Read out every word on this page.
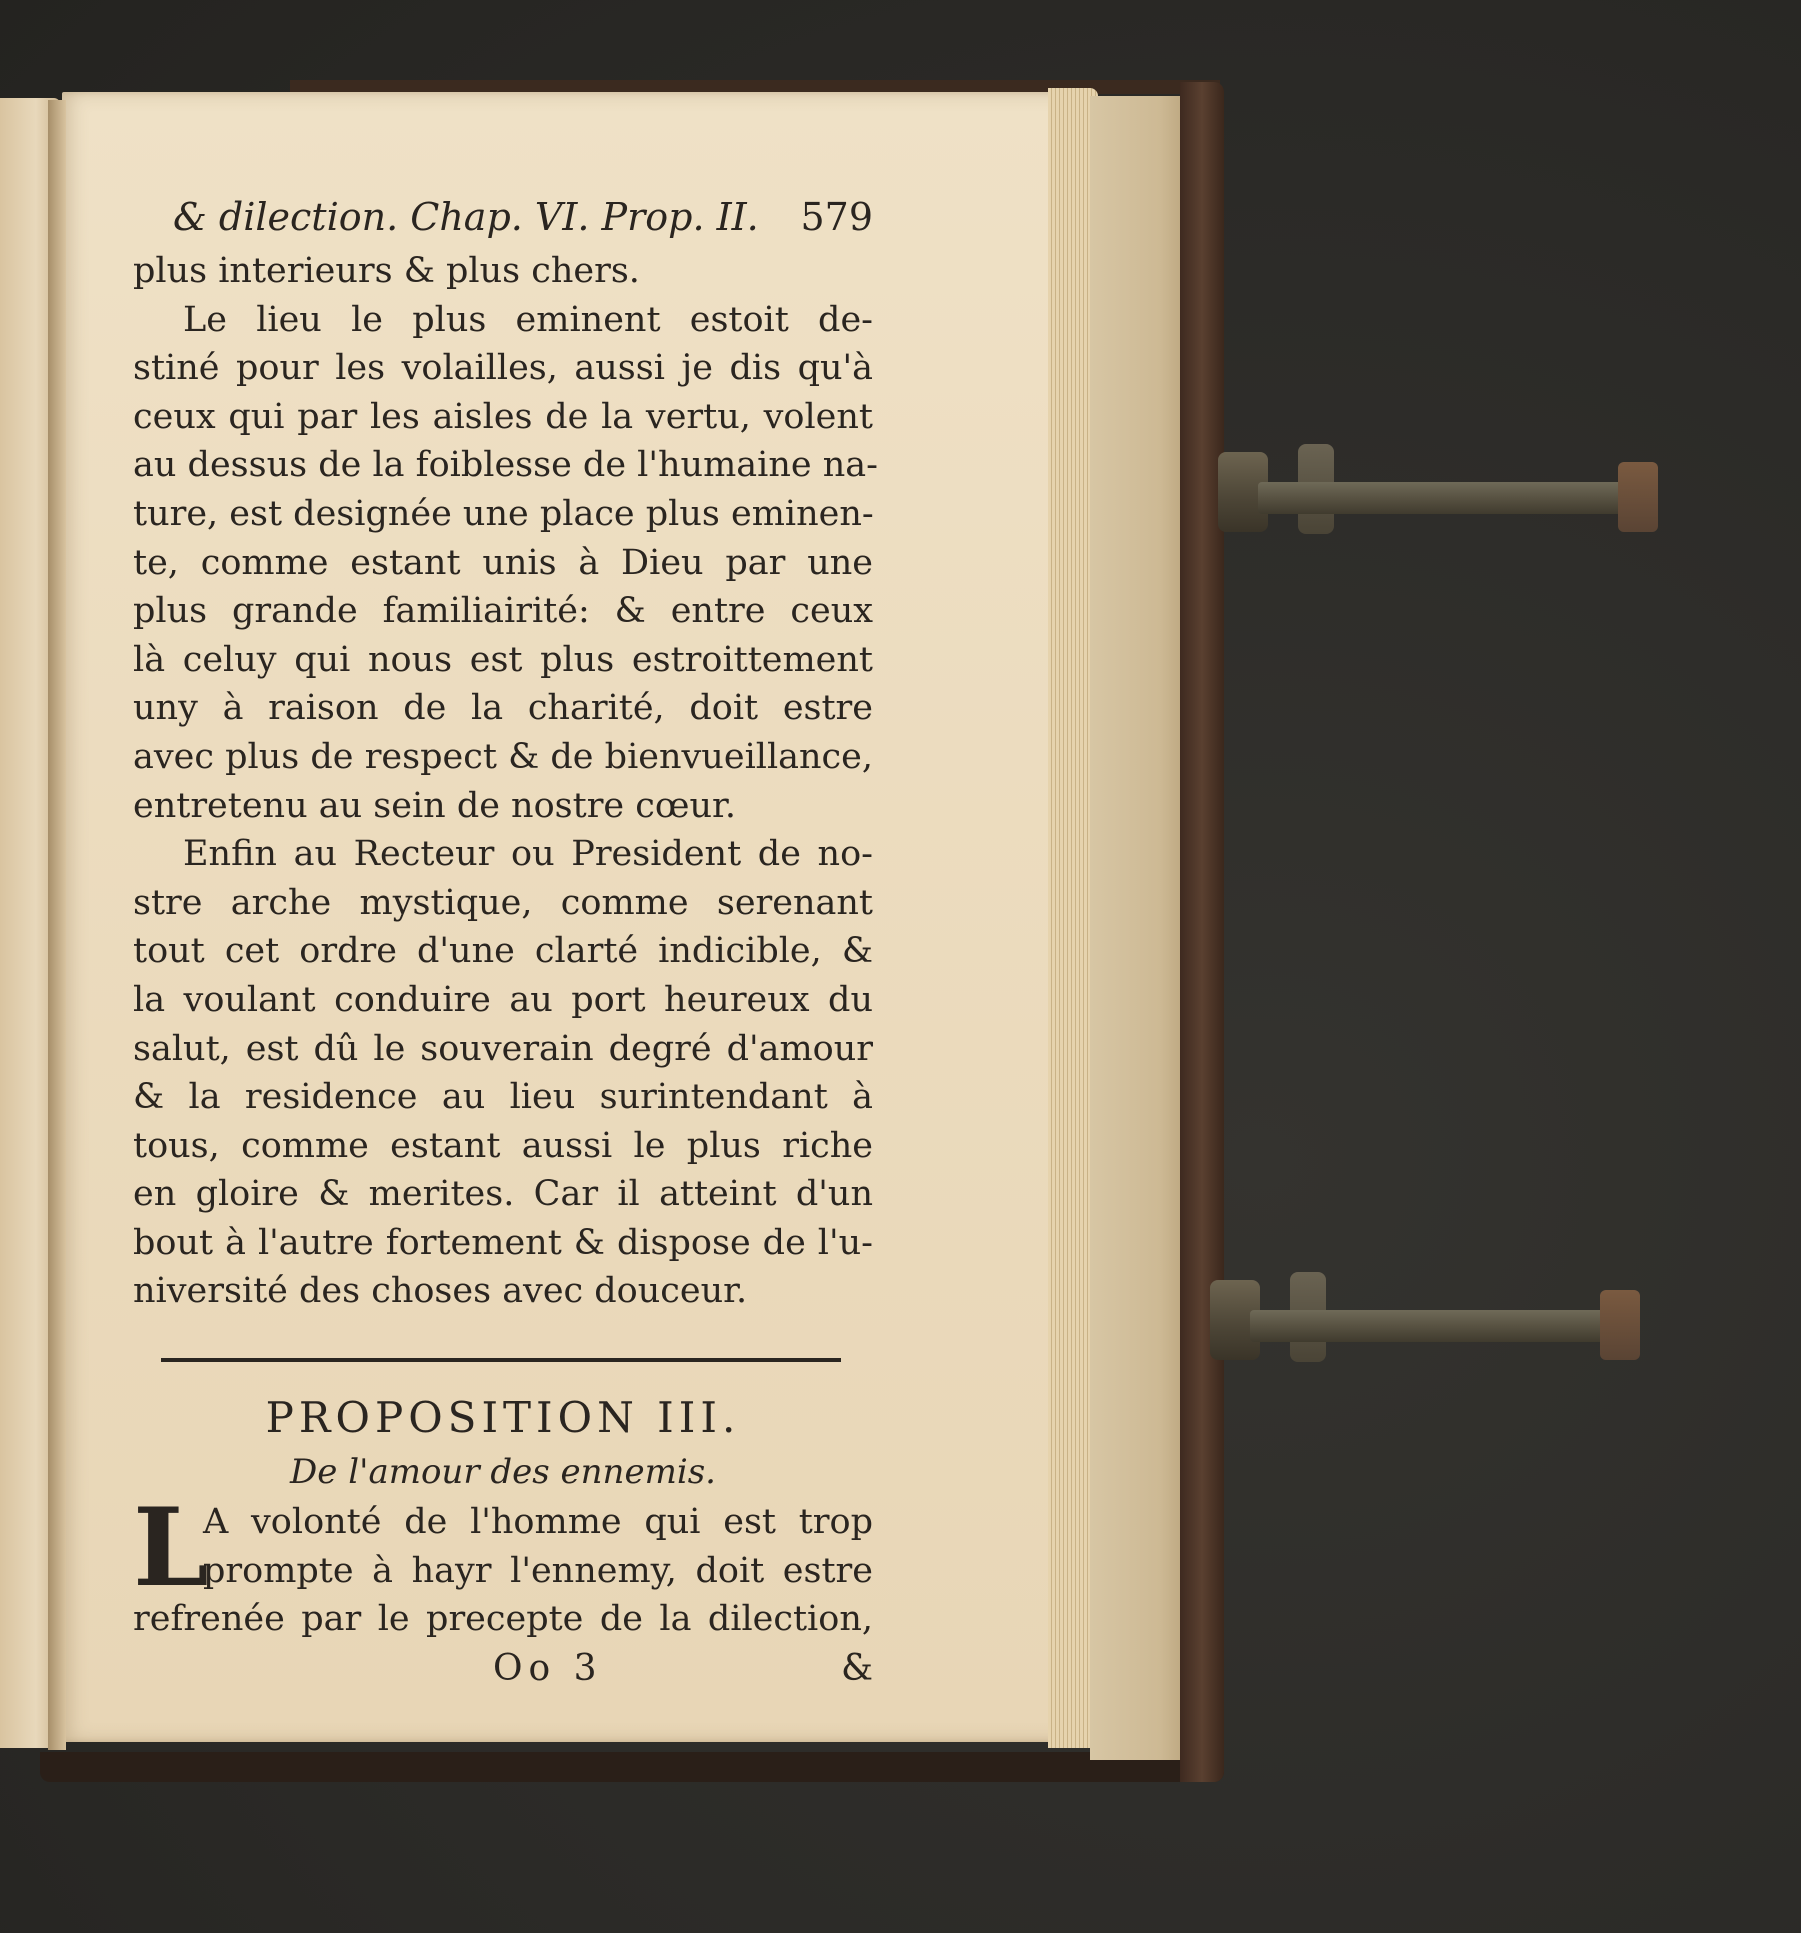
& dilection. Chap. VI. Prop. II. 579
plus interieurs & plus chers.
Le lieu le plus eminent estoit de-
stiné pour les volailles, aussi je dis qu'à
ceux qui par les aisles de la vertu, volent
au dessus de la foiblesse de l'humaine na-
ture, est designée une place plus eminen-
te, comme estant unis à Dieu par une
plus grande familiairité: & entre ceux
là celuy qui nous est plus estroittement
uny à raison de la charité, doit estre
avec plus de respect & de bienvueillance,
entretenu au sein de nostre cœur.
Enfin au Recteur ou President de no-
stre arche mystique, comme serenant
tout cet ordre d'une clarté indicible, &
la voulant conduire au port heureux du
salut, est dû le souverain degré d'amour
& la residence au lieu surintendant à
tous, comme estant aussi le plus riche
en gloire & merites. Car il atteint d'un
bout à l'autre fortement & dispose de l'u-
niversité des choses avec douceur.
PROPOSITION III.
De l'amour des ennemis.
L
A volonté de l'homme qui est trop
prompte à hayr l'ennemy, doit estre
refrenée par le precepte de la dilection,
Oo 3	&
